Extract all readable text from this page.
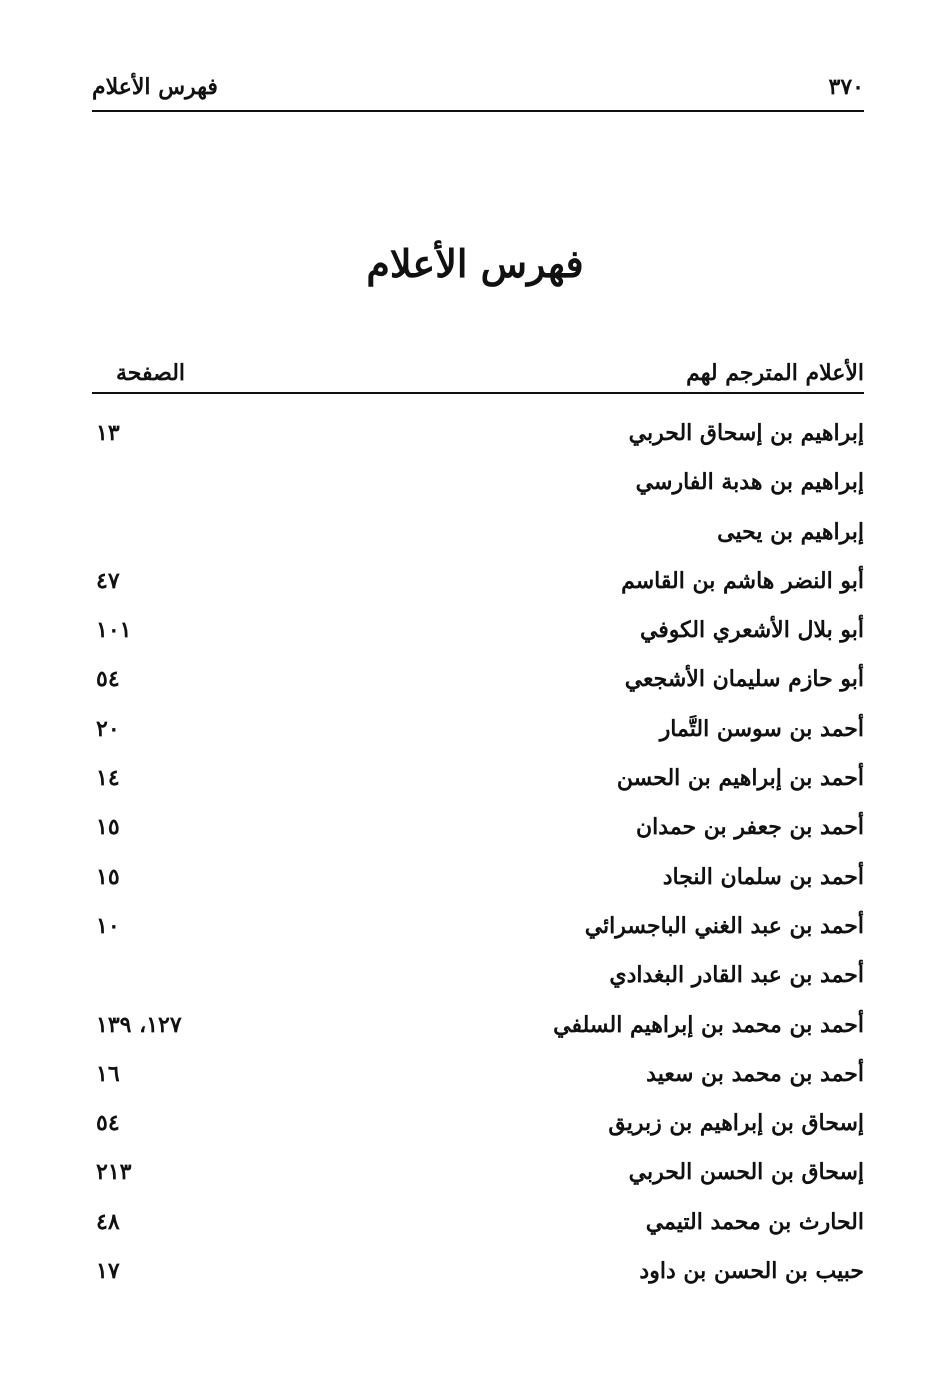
فهرس الأعلام	٣٧٠
فهرس الأعلام
الأعلام المترجم لهم
الصفحة
إبراهيم بن إسحاق الحربي
١٣
إبراهيم بن هدبة الفارسي
إبراهيم بن يحيى
أبو النضر هاشم بن القاسم
٤٧
أبو بلال الأشعري الكوفي
١٠١
أبو حازم سليمان الأشجعي
٥٤
أحمد بن سوسن التَّمار
٢٠
أحمد بن إبراهيم بن الحسن
١٤
أحمد بن جعفر بن حمدان
١٥
أحمد بن سلمان النجاد
١٥
أحمد بن عبد الغني الباجسرائي
١٠
أحمد بن عبد القادر البغدادي
أحمد بن محمد بن إبراهيم السلفي
١٢٧، ١٣٩
أحمد بن محمد بن سعيد
١٦
إسحاق بن إبراهيم بن زبريق
٥٤
إسحاق بن الحسن الحربي
٢١٣
الحارث بن محمد التيمي
٤٨
حبيب بن الحسن بن داود
١٧
